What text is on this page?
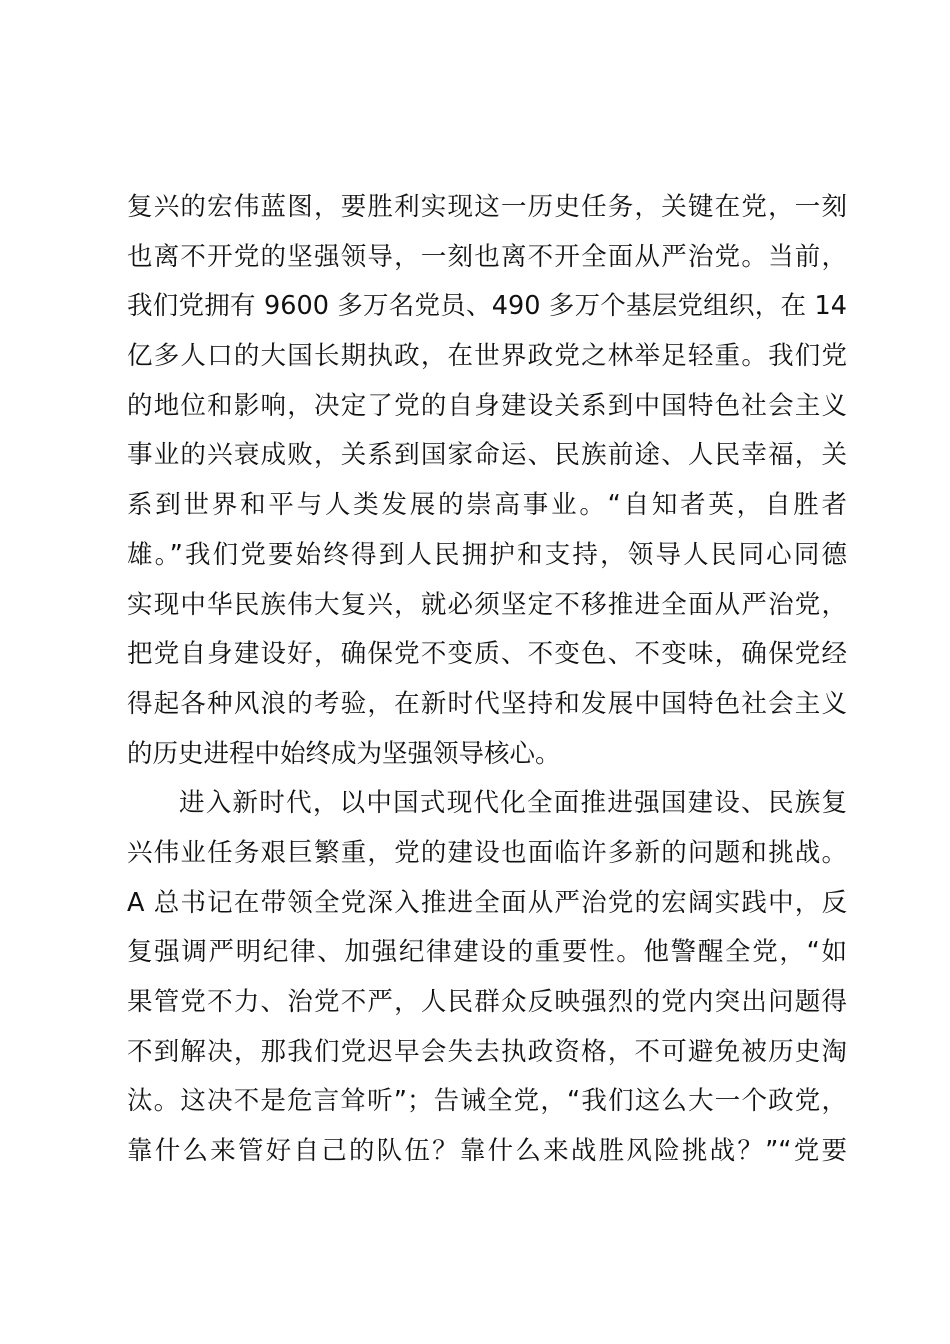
复兴的宏伟蓝图，要胜利实现这一历史任务，关键在党，一刻
也离不开党的坚强领导，一刻也离不开全面从严治党。当前，
我们党拥有 9600 多万名党员、490 多万个基层党组织，在 14
亿多人口的大国长期执政，在世界政党之林举足轻重。我们党
的地位和影响，决定了党的自身建设关系到中国特色社会主义
事业的兴衰成败，关系到国家命运、民族前途、人民幸福，关
系到世界和平与人类发展的崇高事业。“自知者英，自胜者
雄。”我们党要始终得到人民拥护和支持，领导人民同心同德
实现中华民族伟大复兴，就必须坚定不移推进全面从严治党，
把党自身建设好，确保党不变质、不变色、不变味，确保党经
得起各种风浪的考验，在新时代坚持和发展中国特色社会主义
的历史进程中始终成为坚强领导核心。
进入新时代，以中国式现代化全面推进强国建设、民族复
兴伟业任务艰巨繁重，党的建设也面临许多新的问题和挑战。
A 总书记在带领全党深入推进全面从严治党的宏阔实践中，反
复强调严明纪律、加强纪律建设的重要性。他警醒全党，“如
果管党不力、治党不严，人民群众反映强烈的党内突出问题得
不到解决，那我们党迟早会失去执政资格，不可避免被历史淘
汰。这决不是危言耸听”；告诫全党，“我们这么大一个政党，
靠什么来管好自己的队伍？靠什么来战胜风险挑战？”“党要
